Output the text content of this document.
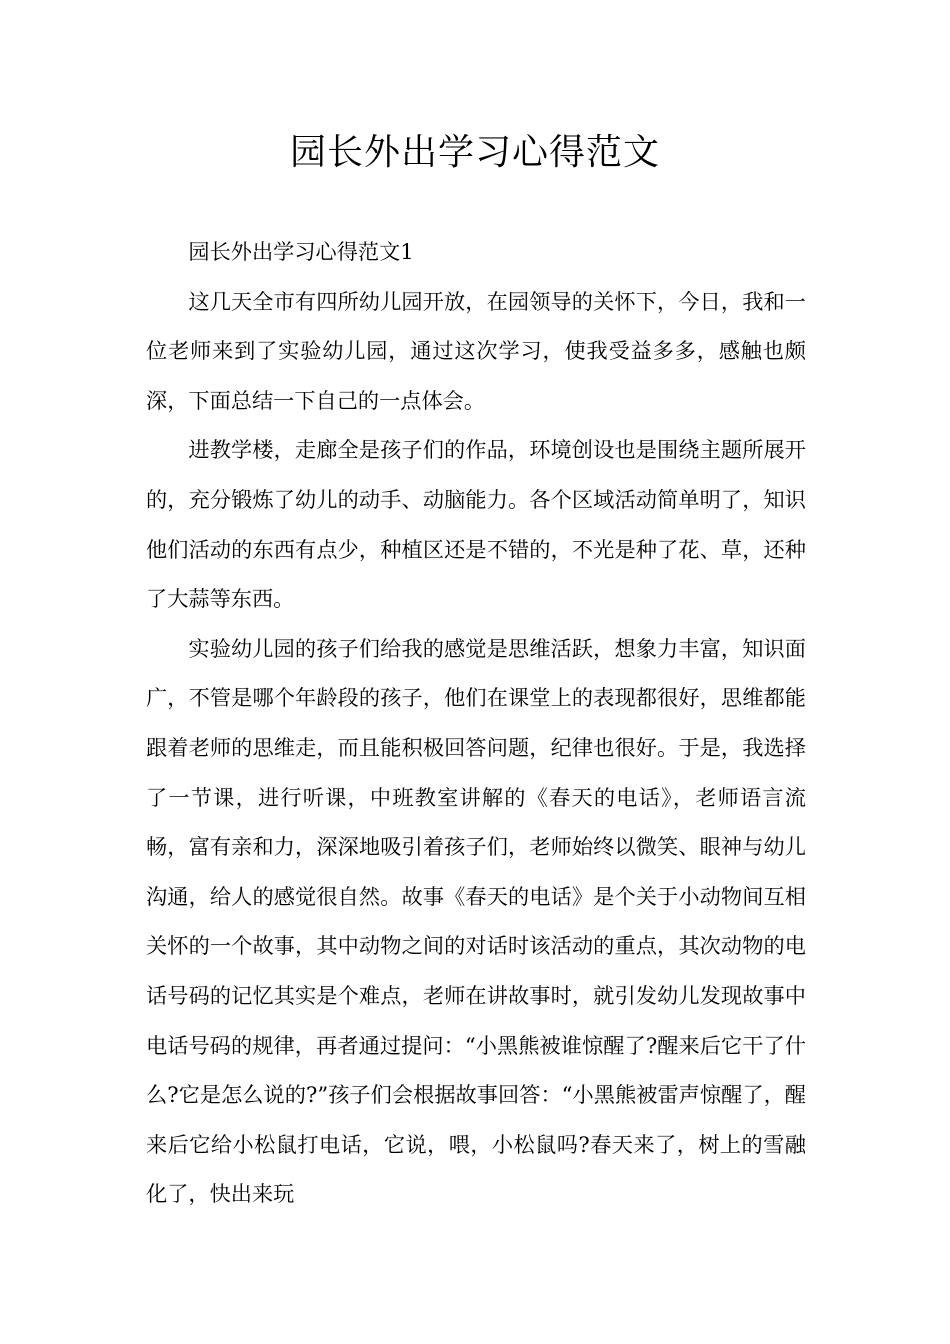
园长外出学习心得范文

园长外出学习心得范文1

这几天全市有四所幼儿园开放，在园领导的关怀下，今日，我和一位老师来到了实验幼儿园，通过这次学习，使我受益多多，感触也颇深，下面总结一下自己的一点体会。

进教学楼，走廊全是孩子们的作品，环境创设也是围绕主题所展开的，充分锻炼了幼儿的动手、动脑能力。各个区域活动简单明了，知识他们活动的东西有点少，种植区还是不错的，不光是种了花、草，还种了大蒜等东西。

实验幼儿园的孩子们给我的感觉是思维活跃，想象力丰富，知识面广，不管是哪个年龄段的孩子，他们在课堂上的表现都很好，思维都能跟着老师的思维走，而且能积极回答问题，纪律也很好。于是，我选择了一节课，进行听课，中班教室讲解的《春天的电话》，老师语言流畅，富有亲和力，深深地吸引着孩子们，老师始终以微笑、眼神与幼儿沟通，给人的感觉很自然。故事《春天的电话》是个关于小动物间互相关怀的一个故事，其中动物之间的对话时该活动的重点，其次动物的电话号码的记忆其实是个难点，老师在讲故事时，就引发幼儿发现故事中电话号码的规律，再者通过提问：“小黑熊被谁惊醒了?醒来后它干了什么?它是怎么说的?”孩子们会根据故事回答：“小黑熊被雷声惊醒了，醒来后它给小松鼠打电话，它说，喂，小松鼠吗?春天来了，树上的雪融化了，快出来玩
